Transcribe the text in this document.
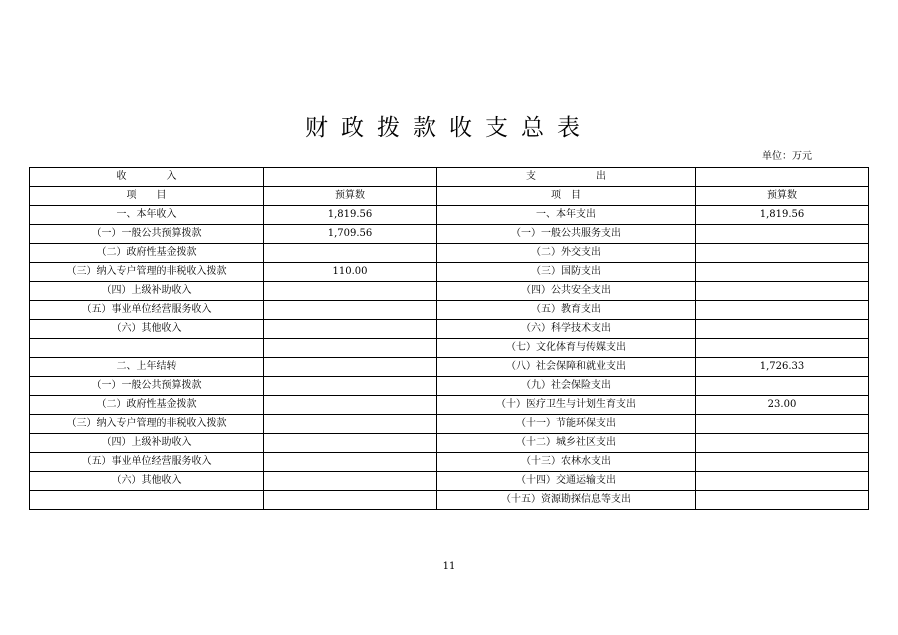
财政拨款收支总表
单位：万元
收　　　　入		支　　　　　　出	
项　　目	预算数	项　目	预算数
一、本年收入	1,819.56	一、本年支出	1,819.56
（一）一般公共预算拨款	1,709.56	（一）一般公共服务支出	
（二）政府性基金拨款		（二）外交支出	
（三）纳入专户管理的非税收入拨款	110.00	（三）国防支出	
（四）上级补助收入		（四）公共安全支出	
（五）事业单位经营服务收入		（五）教育支出	
（六）其他收入		（六）科学技术支出	
		（七）文化体育与传媒支出	
二、上年结转		（八）社会保障和就业支出	1,726.33
（一）一般公共预算拨款		（九）社会保险支出	
（二）政府性基金拨款		（十）医疗卫生与计划生育支出	23.00
（三）纳入专户管理的非税收入拨款		（十一）节能环保支出	
（四）上级补助收入		（十二）城乡社区支出	
（五）事业单位经营服务收入		（十三）农林水支出	
（六）其他收入		（十四）交通运输支出	
		（十五）资源勘探信息等支出	
11
